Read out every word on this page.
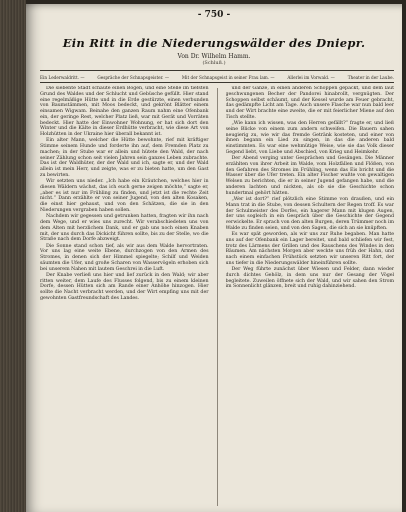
- 750 -
Ein Ritt in die Niederungswälder des Dniepr.
Von Dr. Wilhelm Hamm.
(Schluß.)
Ein Lederwaldritt. —	Gespräche der Schnapsgeister. —	Mit der Schnapsgeist in seiner Frau lam. —	Allerlei im Vorwald. —	Theater in der Laube.

Die siebente Stadt schaute einen Bogen, und eine Stelle im tiefsten Grund des Waldes und der Schlucht und Gebüsche gefüllt. Hier stand eine regelmäßige Hütte und in die Erde gestürzte, einen verbunden von Baumstämmen, mit Moos bedeckt, und gekrönt Blätter einem einsamen Wigwam. Beinahe den ganzen Raum nahm eine Ofenbank ein, der geringe Rest, welcher Platz ließ, war mit Gerät und Vorräten bedeckt. Hier hatte der Einwohner Wohnung, er hat sich dort den Winter und die Kälte in dieser Erdhütte verbracht, wie diese Art von Holzhütten in der Ukraine hier überall bekannt ist.

Ein alter Mann, welcher die Hütte bewohnte, rief mit kräftiger Stimme seinem Hunde und forderte ihn auf, dem Fremden Platz zu machen; in der Stube war er allein und hütete den Wald, der nach seiner Zählung schon seit vielen Jahren sein ganzes Leben zubrachte. Das ist der Waldhüter, der der Wald und ich, sagte er, und der Wald allein ist mein Herr, und zeigte, was er zu bieten hatte, um den Gast zu bewirten.

Wir setzten uns nieder. „Ich habe ein Kräutchen, welches hier in diesen Wäldern wächst, das ich euch gerne zeigen möchte,“ sagte er, „aber es ist nur im Frühling zu finden, und jetzt ist die rechte Zeit nicht.“ Dann erzählte er von seiner Jugend, von den alten Kosaken, die einst hier gehaust, und von den Schätzen, die sie in den Niederungen vergraben haben sollen.

Nachdem wir gegessen und getrunken hatten, fragten wir ihn nach dem Wege, und er wies uns zurecht. Wir verabschiedeten uns von dem Alten mit herzlichem Dank, und er gab uns noch einen Knaben mit, der uns durch das Dickicht führen sollte, bis zu der Stelle, wo die Straße nach dem Dorfe abzweigt.

Die Sonne stand schon tief, als wir aus dem Walde hervortraten. Vor uns lag eine weite Ebene, durchzogen von den Armen des Stromes, in denen sich der Himmel spiegelte; Schilf und Weiden säumten die Ufer, und große Scharen von Wasservögeln erhoben sich bei unserem Nahen mit lautem Geschrei in die Luft.

Der Knabe verließ uns hier und lief zurück in den Wald; wir aber ritten weiter, dem Laufe des Flusses folgend, bis zu einem kleinen Dorfe, dessen Hütten sich am Rande einer Anhöhe hinzogen. Hier sollte die Nacht verbracht werden, und der Wirt empfing uns mit der gewohnten Gastfreundschaft des Landes.

und der Ganze, in einen anderen Schoppen gepackt, und dem laut geschwungenen Becher der Pandorei hinabrollt, vergnügten. Der Schoppen selbst schäumt, und der Kessel wurde am Feuer gebracht, das gedämpfte Licht am Tage. Auch unsere Flasche war nun bald leer und der Wirt brachte eine zweite, die er mit feierlicher Miene auf den Tisch stellte.

„Wie kann ich wissen, was den Herren gefällt?“ fragte er, und ließ seine Blicke von einem zum andern schweifen. Die Bauern sahen neugierig zu, wie wir das fremde Getränk kosteten, und einer von ihnen begann ein Lied zu singen, in das die anderen bald einstimmten. Es war eine wehmütige Weise, wie sie das Volk dieser Gegend liebt, von Liebe und Abschied, von Krieg und Heimkehr.

Der Abend verging unter Gesprächen und Gesängen. Die Männer erzählten von ihrer Arbeit im Walde, vom Holzfällen und Flößen, von den Gefahren des Stromes im Frühling, wenn das Eis bricht und die Wasser über die Ufer treten. Ein alter Fischer wußte von gewaltigen Welsen zu berichten, die er in seiner Jugend gefangen habe, und die anderen lachten und nickten, als ob sie die Geschichte schon hundertmal gehört hätten.

„Wer ist dort?“ rief plötzlich eine Stimme von draußen, und ein Mann trat in die Stube, von dessen Schultern der Regen troff. Es war der Schulmeister des Dorfes, ein hagerer Mann mit klugen Augen, der uns sogleich in ein Gespräch über die Geschichte der Gegend verwickelte. Er sprach von den alten Burgen, deren Trümmer noch im Walde zu finden seien, und von den Sagen, die sich an sie knüpften.

Es war spät geworden, als wir uns zur Ruhe begaben. Man hatte uns auf der Ofenbank ein Lager bereitet, und bald schliefen wir fest, trotz des Lärmens der Grillen und des Rauschens des Windes in den Bäumen. Am nächsten Morgen aber weckte uns früh der Hahn, und nach einem einfachen Frühstück setzten wir unseren Ritt fort, der uns tiefer in die Niederungswälder hineinführen sollte.

Der Weg führte zunächst über Wiesen und Felder, dann wieder durch dichtes Gehölz, in dem uns nur der Gesang der Vögel begleitete. Zuweilen öffnete sich der Wald, und wir sahen den Strom im Sonnenlicht glänzen, breit und ruhig dahinziehend.
